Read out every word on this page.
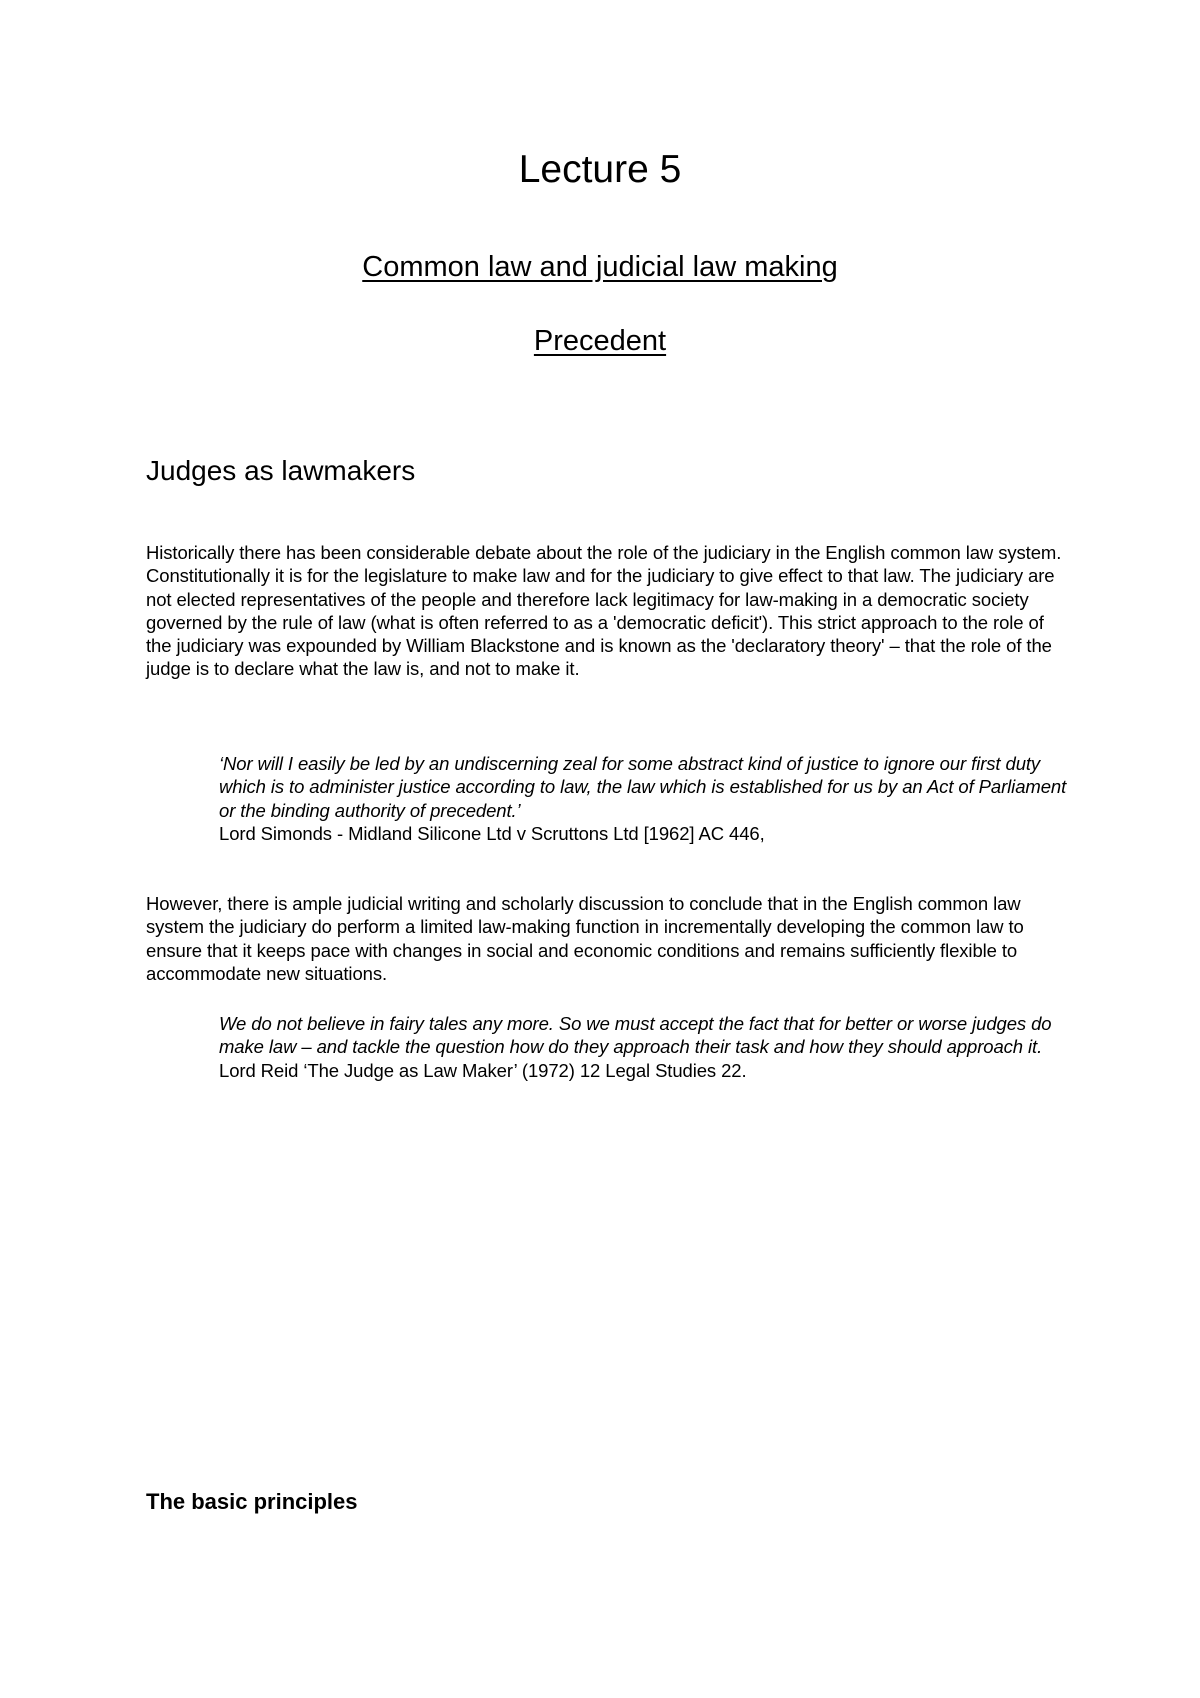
Lecture 5
Common law and judicial law making
Precedent
Judges as lawmakers

Historically there has been considerable debate about the role of the judiciary in the English common law system. Constitutionally it is for the legislature to make law and for the judiciary to give effect to that law. The judiciary are not elected representatives of the people and therefore lack legitimacy for law-making in a democratic society governed by the rule of law (what is often referred to as a 'democratic deficit'). This strict approach to the role of the judiciary was expounded by William Blackstone and is known as the 'declaratory theory' – that the role of the judge is to declare what the law is, and not to make it.

‘Nor will I easily be led by an undiscerning zeal for some abstract kind of justice to ignore our first duty which is to administer justice according to law, the law which is established for us by an Act of Parliament or the binding authority of precedent.’
Lord Simonds - Midland Silicone Ltd v Scruttons Ltd [1962] AC 446,

However, there is ample judicial writing and scholarly discussion to conclude that in the English common law system the judiciary do perform a limited law-making function in incrementally developing the common law to ensure that it keeps pace with changes in social and economic conditions and remains sufficiently flexible to accommodate new situations.

We do not believe in fairy tales any more. So we must accept the fact that for better or worse judges do make law – and tackle the question how do they approach their task and how they should approach it.
Lord Reid ‘The Judge as Law Maker’ (1972) 12 Legal Studies 22.
The basic principles
